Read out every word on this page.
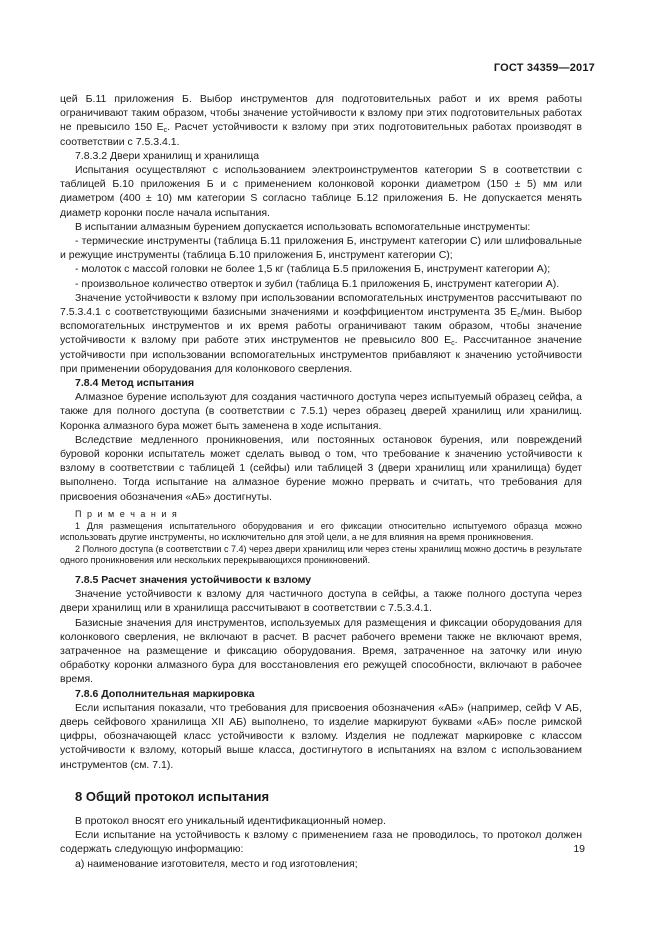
ГОСТ 34359—2017

цей Б.11 приложения Б. Выбор инструментов для подготовительных работ и их время работы ограничивают таким образом, чтобы значение устойчивости к взлому при этих подготовительных работах не превысило 150 $Е_c$. Расчет устойчивости к взлому при этих подготовительных работах производят в соответствии с 7.5.3.4.1.

7.8.3.2 Двери хранилищ и хранилища

Испытания осуществляют с использованием электроинструментов категории S в соответствии с таблицей Б.10 приложения Б и с применением колонковой коронки диаметром (150 ± 5) мм или диаметром (400 ± 10) мм категории S согласно таблице Б.12 приложения Б. Не допускается менять диаметр коронки после начала испытания.

В испытании алмазным бурением допускается использовать вспомогательные инструменты:

- термические инструменты (таблица Б.11 приложения Б, инструмент категории С) или шлифовальные и режущие инструменты (таблица Б.10 приложения Б, инструмент категории С);

- молоток с массой головки не более 1,5 кг (таблица Б.5 приложения Б, инструмент категории А);

- произвольное количество отверток и зубил (таблица Б.1 приложения Б, инструмент категории А).

Значение устойчивости к взлому при использовании вспомогательных инструментов рассчитывают по 7.5.3.4.1 с соответствующими базисными значениями и коэффициентом инструмента 35 $Е_c$/мин. Выбор вспомогательных инструментов и их время работы ограничивают таким образом, чтобы значение устойчивости к взлому при работе этих инструментов не превысило 800 $Е_c$. Рассчитанное значение устойчивости при использовании вспомогательных инструментов прибавляют к значению устойчивости при применении оборудования для колонкового сверления.

7.8.4 Метод испытания

Алмазное бурение используют для создания частичного доступа через испытуемый образец сейфа, а также для полного доступа (в соответствии с 7.5.1) через образец дверей хранилищ или хранилищ. Коронка алмазного бура может быть заменена в ходе испытания.

Вследствие медленного проникновения, или постоянных остановок бурения, или повреждений буровой коронки испытатель может сделать вывод о том, что требование к значению устойчивости к взлому в соответствии с таблицей 1 (сейфы) или таблицей 3 (двери хранилищ или хранилища) будет выполнено. Тогда испытание на алмазное бурение можно прервать и считать, что требования для присвоения обозначения «АБ» достигнуты.

П р и м е ч а н и я

1 Для размещения испытательного оборудования и его фиксации относительно испытуемого образца можно использовать другие инструменты, но исключительно для этой цели, а не для влияния на время проникновения.

2 Полного доступа (в соответствии с 7.4) через двери хранилищ или через стены хранилищ можно достичь в результате одного проникновения или нескольких перекрывающихся проникновений.

7.8.5 Расчет значения устойчивости к взлому

Значение устойчивости к взлому для частичного доступа в сейфы, а также полного доступа через двери хранилищ или в хранилища рассчитывают в соответствии с 7.5.3.4.1.

Базисные значения для инструментов, используемых для размещения и фиксации оборудования для колонкового сверления, не включают в расчет. В расчет рабочего времени также не включают время, затраченное на размещение и фиксацию оборудования. Время, затраченное на заточку или иную обработку коронки алмазного бура для восстановления его режущей способности, включают в рабочее время.

7.8.6 Дополнительная маркировка

Если испытания показали, что требования для присвоения обозначения «АБ» (например, сейф V АБ, дверь сейфового хранилища XII АБ) выполнено, то изделие маркируют буквами «АБ» после римской цифры, обозначающей класс устойчивости к взлому. Изделия не подлежат маркировке с классом устойчивости к взлому, который выше класса, достигнутого в испытаниях на взлом с использованием инструментов (см. 7.1).

8 Общий протокол испытания

В протокол вносят его уникальный идентификационный номер.

Если испытание на устойчивость к взлому с применением газа не проводилось, то протокол должен содержать следующую информацию:

а) наименование изготовителя, место и год изготовления;

19
